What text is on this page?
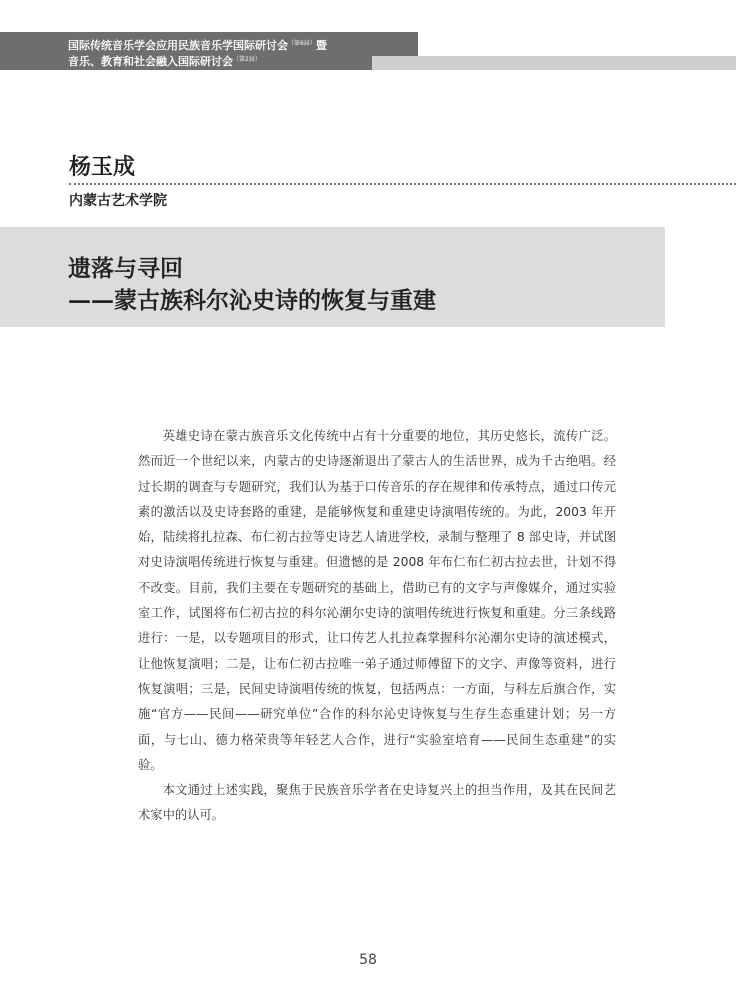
国际传统音乐学会应用民族音乐学国际研讨会$^{(第6届)}$暨
音乐、教育和社会融入国际研讨会$^{(第2届)}$
杨玉成
内蒙古艺术学院
遗落与寻回
——蒙古族科尔沁史诗的恢复与重建

英雄史诗在蒙古族音乐文化传统中占有十分重要的地位，其历史悠长，流传广泛。然而近一个世纪以来，内蒙古的史诗逐渐退出了蒙古人的生活世界，成为千古绝唱。经过长期的调查与专题研究，我们认为基于口传音乐的存在规律和传承特点，通过口传元素的激活以及史诗套路的重建，是能够恢复和重建史诗演唱传统的。为此，2003 年开始，陆续将扎拉森、布仁初古拉等史诗艺人请进学校，录制与整理了 8 部史诗，并试图对史诗演唱传统进行恢复与重建。但遗憾的是 2008 年布仁布仁初古拉去世，计划不得不改变。目前，我们主要在专题研究的基础上，借助已有的文字与声像媒介，通过实验室工作，试图将布仁初古拉的科尔沁潮尔史诗的演唱传统进行恢复和重建。分三条线路进行：一是，以专题项目的形式，让口传艺人扎拉森掌握科尔沁潮尔史诗的演述模式，让他恢复演唱；二是，让布仁初古拉唯一弟子通过师傅留下的文字、声像等资料，进行恢复演唱；三是，民间史诗演唱传统的恢复，包括两点：一方面，与科左后旗合作，实施“官方——民间——研究单位”合作的科尔沁史诗恢复与生存生态重建计划；另一方面，与七山、德力格荣贵等年轻艺人合作，进行“实验室培育——民间生态重建”的实验。

本文通过上述实践，聚焦于民族音乐学者在史诗复兴上的担当作用，及其在民间艺术家中的认可。

58
